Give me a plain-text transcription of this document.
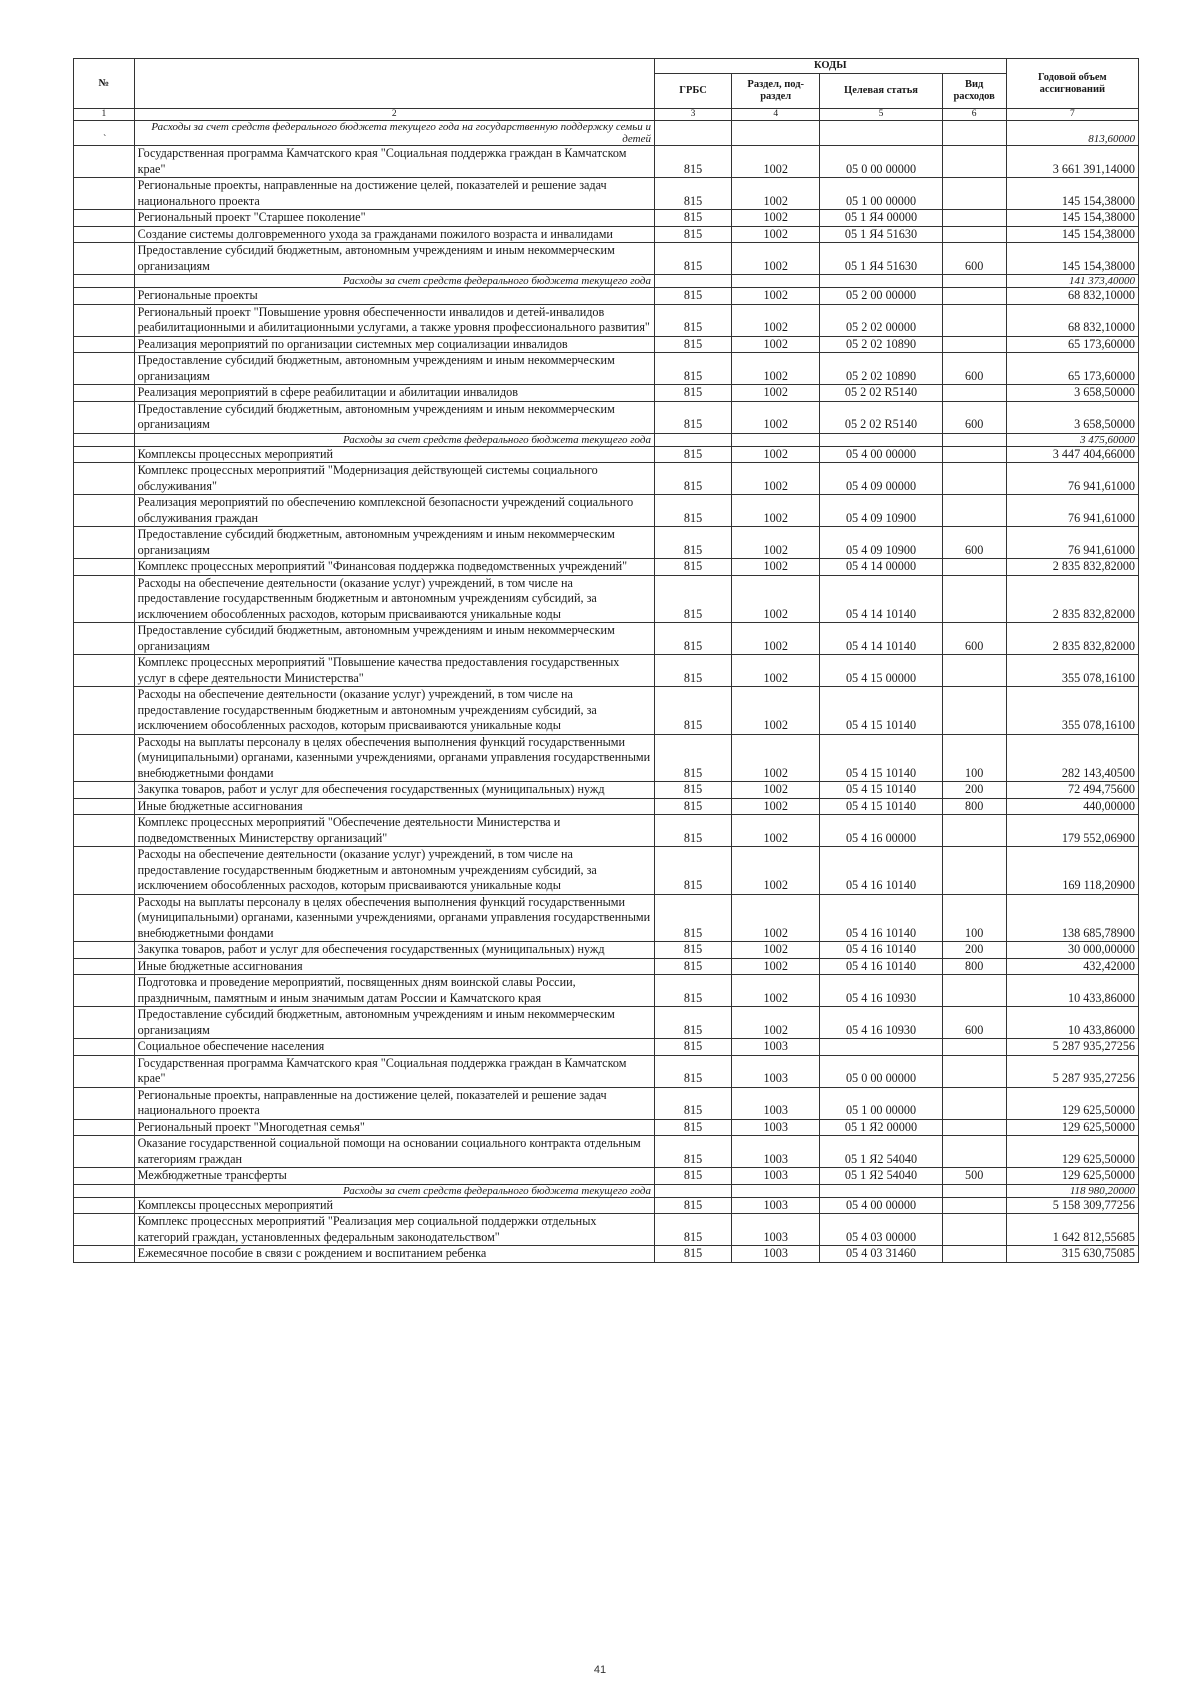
№		КОДЫ				Годовой объем ассигнований
		ГРБС	Раздел, под-раздел	Целевая статья	Вид расходов	
1	2	3	4	5	6	7
`	Расходы за счет средств федерального бюджета текущего года на государственную поддержку семьи и детей					813,60000
	Государственная программа Камчатского края "Социальная поддержка граждан в Камчатском крае"	815	1002	05 0 00 00000		3 661 391,14000
	Региональные проекты, направленные на достижение целей, показателей и решение задач национального проекта	815	1002	05 1 00 00000		145 154,38000
	Региональный проект "Старшее поколение"	815	1002	05 1 Я4 00000		145 154,38000
	Создание системы долговременного ухода за гражданами пожилого возраста и инвалидами	815	1002	05 1 Я4 51630		145 154,38000
	Предоставление субсидий бюджетным, автономным учреждениям и иным некоммерческим организациям	815	1002	05 1 Я4 51630	600	145 154,38000
	Расходы за счет средств федерального бюджета текущего года					141 373,40000
	Региональные проекты	815	1002	05 2 00 00000		68 832,10000
	Региональный проект "Повышение уровня обеспеченности инвалидов и детей-инвалидов реабилитационными и абилитационными услугами, а также уровня профессионального развития"	815	1002	05 2 02 00000		68 832,10000
	Реализация мероприятий по организации системных мер социализации инвалидов	815	1002	05 2 02 10890		65 173,60000
	Предоставление субсидий бюджетным, автономным учреждениям и иным некоммерческим организациям	815	1002	05 2 02 10890	600	65 173,60000
	Реализация мероприятий в сфере реабилитации и абилитации инвалидов	815	1002	05 2 02 R5140		3 658,50000
	Предоставление субсидий бюджетным, автономным учреждениям и иным некоммерческим организациям	815	1002	05 2 02 R5140	600	3 658,50000
	Расходы за счет средств федерального бюджета текущего года					3 475,60000
	Комплексы процессных мероприятий	815	1002	05 4 00 00000		3 447 404,66000
	Комплекс процессных мероприятий "Модернизация действующей системы социального обслуживания"	815	1002	05 4 09 00000		76 941,61000
	Реализация мероприятий по обеспечению комплексной безопасности учреждений социального обслуживания граждан	815	1002	05 4 09 10900		76 941,61000
	Предоставление субсидий бюджетным, автономным учреждениям и иным некоммерческим организациям	815	1002	05 4 09 10900	600	76 941,61000
	Комплекс процессных мероприятий "Финансовая поддержка подведомственных учреждений"	815	1002	05 4 14 00000		2 835 832,82000
	Расходы на обеспечение деятельности (оказание услуг) учреждений, в том числе на предоставление государственным бюджетным и автономным учреждениям субсидий, за исключением обособленных расходов, которым присваиваются уникальные коды	815	1002	05 4 14 10140		2 835 832,82000
	Предоставление субсидий бюджетным, автономным учреждениям и иным некоммерческим организациям	815	1002	05 4 14 10140	600	2 835 832,82000
	Комплекс процессных мероприятий "Повышение качества предоставления государственных услуг в сфере деятельности Министерства"	815	1002	05 4 15 00000		355 078,16100
	Расходы на обеспечение деятельности (оказание услуг) учреждений, в том числе на предоставление государственным бюджетным и автономным учреждениям субсидий, за исключением обособленных расходов, которым присваиваются уникальные коды	815	1002	05 4 15 10140		355 078,16100
	Расходы на выплаты персоналу в целях обеспечения выполнения функций государственными (муниципальными) органами, казенными учреждениями, органами управления государственными внебюджетными фондами	815	1002	05 4 15 10140	100	282 143,40500
	Закупка товаров, работ и услуг для обеспечения государственных (муниципальных) нужд	815	1002	05 4 15 10140	200	72 494,75600
	Иные бюджетные ассигнования	815	1002	05 4 15 10140	800	440,00000
	Комплекс процессных мероприятий "Обеспечение деятельности Министерства и подведомственных Министерству организаций"	815	1002	05 4 16 00000		179 552,06900
	Расходы на обеспечение деятельности (оказание услуг) учреждений, в том числе на предоставление государственным бюджетным и автономным учреждениям субсидий, за исключением обособленных расходов, которым присваиваются уникальные коды	815	1002	05 4 16 10140		169 118,20900
	Расходы на выплаты персоналу в целях обеспечения выполнения функций государственными (муниципальными) органами, казенными учреждениями, органами управления государственными внебюджетными фондами	815	1002	05 4 16 10140	100	138 685,78900
	Закупка товаров, работ и услуг для обеспечения государственных (муниципальных) нужд	815	1002	05 4 16 10140	200	30 000,00000
	Иные бюджетные ассигнования	815	1002	05 4 16 10140	800	432,42000
	Подготовка и проведение мероприятий, посвященных дням воинской славы России, праздничным, памятным и иным значимым датам России и Камчатского края	815	1002	05 4 16 10930		10 433,86000
	Предоставление субсидий бюджетным, автономным учреждениям и иным некоммерческим организациям	815	1002	05 4 16 10930	600	10 433,86000
	Социальное обеспечение населения	815	1003			5 287 935,27256
	Государственная программа Камчатского края "Социальная поддержка граждан в Камчатском крае"	815	1003	05 0 00 00000		5 287 935,27256
	Региональные проекты, направленные на достижение целей, показателей и решение задач национального проекта	815	1003	05 1 00 00000		129 625,50000
	Региональный проект "Многодетная семья"	815	1003	05 1 Я2 00000		129 625,50000
	Оказание государственной социальной помощи на основании социального контракта отдельным категориям граждан	815	1003	05 1 Я2 54040		129 625,50000
	Межбюджетные трансферты	815	1003	05 1 Я2 54040	500	129 625,50000
	Расходы за счет средств федерального бюджета текущего года					118 980,20000
	Комплексы процессных мероприятий	815	1003	05 4 00 00000		5 158 309,77256
	Комплекс процессных мероприятий "Реализация мер социальной поддержки отдельных категорий граждан, установленных федеральным законодательством"	815	1003	05 4 03 00000		1 642 812,55685
	Ежемесячное пособие в связи с рождением и воспитанием ребенка	815	1003	05 4 03 31460		315 630,75085
41
